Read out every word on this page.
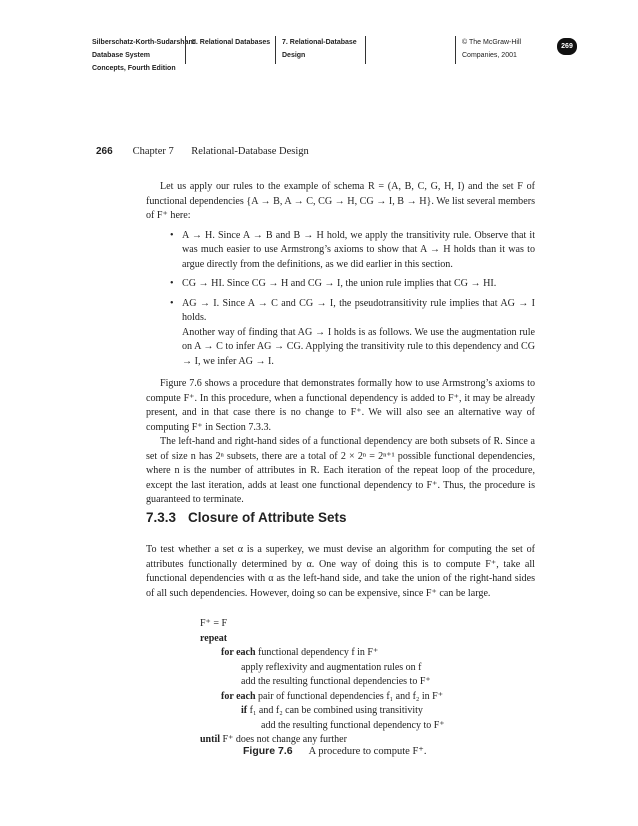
Silberschatz-Korth-Sudarshan:
Database System
Concepts, Fourth Edition
II. Relational Databases 7. Relational-Database
Design
© The McGraw-Hill
Companies, 2001
269
266 Chapter 7 Relational-Database Design

Let us apply our rules to the example of schema R = (A, B, C, G, H, I) and the set F of functional dependencies {A → B, A → C, CG → H, CG → I, B → H}. We list several members of F⁺ here:

• A → H. Since A → B and B → H hold, we apply the transitivity rule. Observe that it was much easier to use Armstrong’s axioms to show that A → H holds than it was to argue directly from the definitions, as we did earlier in this section.

• CG → HI. Since CG → H and CG → I, the union rule implies that CG → HI.

• AG → I. Since A → C and CG → I, the pseudotransitivity rule implies that AG → I holds.

Another way of finding that AG → I holds is as follows. We use the augmentation rule on A → C to infer AG → CG. Applying the transitivity rule to this dependency and CG → I, we infer AG → I.

Figure 7.6 shows a procedure that demonstrates formally how to use Armstrong’s axioms to compute F⁺. In this procedure, when a functional dependency is added to F⁺, it may be already present, and in that case there is no change to F⁺. We will also see an alternative way of computing F⁺ in Section 7.3.3.

The left-hand and right-hand sides of a functional dependency are both subsets of R. Since a set of size n has 2ⁿ subsets, there are a total of 2 × 2ⁿ = 2ⁿ⁺¹ possible functional dependencies, where n is the number of attributes in R. Each iteration of the repeat loop of the procedure, except the last iteration, adds at least one functional dependency to F⁺. Thus, the procedure is guaranteed to terminate.

7.3.3 Closure of Attribute Sets

To test whether a set α is a superkey, we must devise an algorithm for computing the set of attributes functionally determined by α. One way of doing this is to compute F⁺, take all functional dependencies with α as the left-hand side, and take the union of the right-hand sides of all such dependencies. However, doing so can be expensive, since F⁺ can be large.

F⁺ = F
repeat
for each functional dependency f in F⁺
apply reflexivity and augmentation rules on f
add the resulting functional dependencies to F⁺
for each pair of functional dependencies f₁ and f₂ in F⁺
if f₁ and f₂ can be combined using transitivity
add the resulting functional dependency to F⁺
until F⁺ does not change any further
Figure 7.6 A procedure to compute F⁺.
